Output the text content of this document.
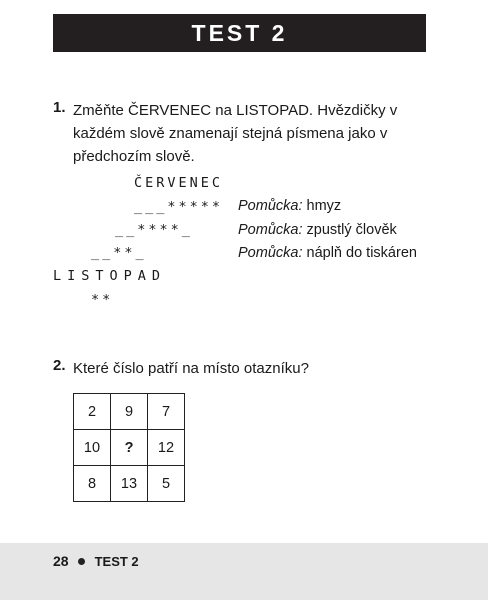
TEST 2
1. Změňte ČERVENEC na LISTOPAD. Hvězdičky v každém slově znamenají stejná písmena jako v předchozím slově.
ČERVENEC
___***** Pomůcka: hmyz
__****_	Pomůcka: zpustlý člověk
__**_	Pomůcka: náplň do tiskáren
LISTOPAD
**
2. Které číslo patří na místo otazníku?
2	9	7
10	?	12
8	13	5
28 TEST 2
